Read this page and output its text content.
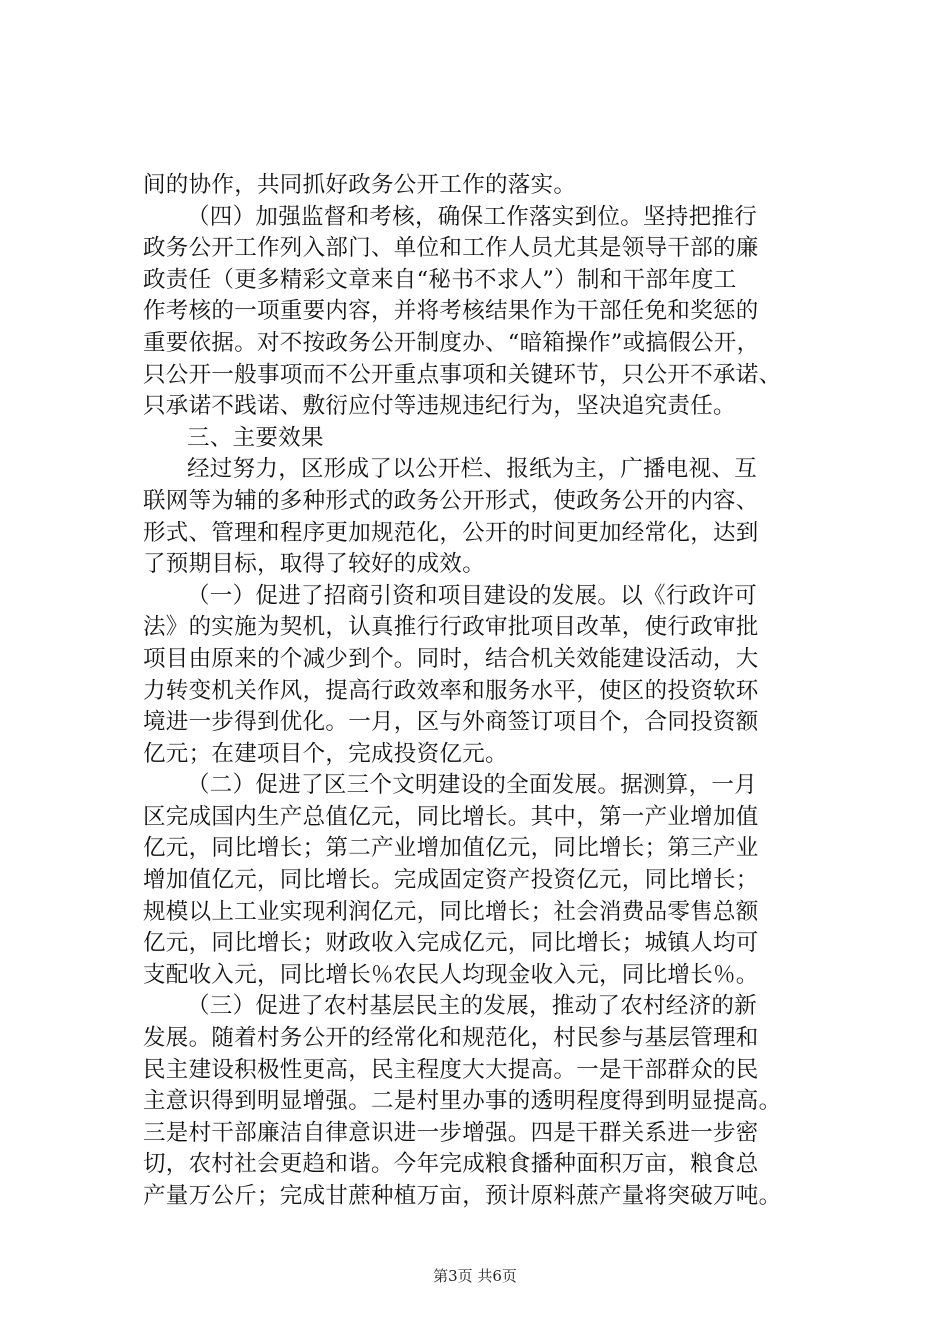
间的协作，共同抓好政务公开工作的落实。
（四）加强监督和考核，确保工作落实到位。坚持把推行
政务公开工作列入部门、单位和工作人员尤其是领导干部的廉
政责任（更多精彩文章来自“秘书不求人”）制和干部年度工
作考核的一项重要内容，并将考核结果作为干部任免和奖惩的
重要依据。对不按政务公开制度办、“暗箱操作”或搞假公开，
只公开一般事项而不公开重点事项和关键环节，只公开不承诺、
只承诺不践诺、敷衍应付等违规违纪行为，坚决追究责任。
三、主要效果
经过努力，区形成了以公开栏、报纸为主，广播电视、互
联网等为辅的多种形式的政务公开形式，使政务公开的内容、
形式、管理和程序更加规范化，公开的时间更加经常化，达到
了预期目标，取得了较好的成效。
（一）促进了招商引资和项目建设的发展。以《行政许可
法》的实施为契机，认真推行行政审批项目改革，使行政审批
项目由原来的个减少到个。同时，结合机关效能建设活动，大
力转变机关作风，提高行政效率和服务水平，使区的投资软环
境进一步得到优化。一月，区与外商签订项目个，合同投资额
亿元；在建项目个，完成投资亿元。
（二）促进了区三个文明建设的全面发展。据测算，一月
区完成国内生产总值亿元，同比增长。其中，第一产业增加值
亿元，同比增长；第二产业增加值亿元，同比增长；第三产业
增加值亿元，同比增长。完成固定资产投资亿元，同比增长；
规模以上工业实现利润亿元，同比增长；社会消费品零售总额
亿元，同比增长；财政收入完成亿元，同比增长；城镇人均可
支配收入元，同比增长％农民人均现金收入元，同比增长％。
（三）促进了农村基层民主的发展，推动了农村经济的新
发展。随着村务公开的经常化和规范化，村民参与基层管理和
民主建设积极性更高，民主程度大大提高。一是干部群众的民
主意识得到明显增强。二是村里办事的透明程度得到明显提高。
三是村干部廉洁自律意识进一步增强。四是干群关系进一步密
切，农村社会更趋和谐。今年完成粮食播种面积万亩，粮食总
产量万公斤；完成甘蔗种植万亩，预计原料蔗产量将突破万吨。
第3页 共6页
